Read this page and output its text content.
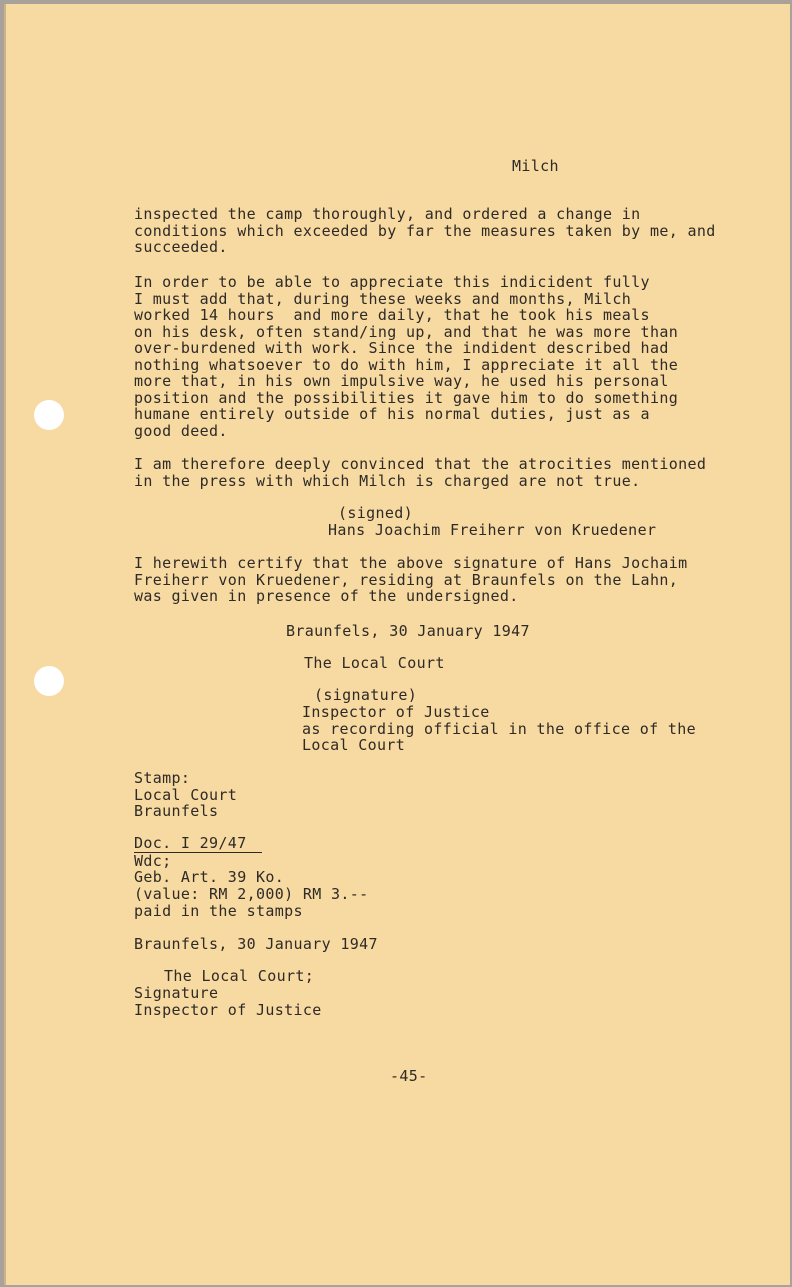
Milch
inspected the camp thoroughly, and ordered a change in
conditions which exceeded by far the measures taken by me, and
succeeded.
In order to be able to appreciate this indicident fully
I must add that, during these weeks and months, Milch
worked 14 hours  and more daily, that he took his meals
on his desk, often stand/ing up, and that he was more than
over-burdened with work. Since the indident described had
nothing whatsoever to do with him, I appreciate it all the
more that, in his own impulsive way, he used his personal
position and the possibilities it gave him to do something
humane entirely outside of his normal duties, just as a
good deed.
I am therefore deeply convinced that the atrocities mentioned
in the press with which Milch is charged are not true.
(signed)
Hans Joachim Freiherr von Kruedener
I herewith certify that the above signature of Hans Jochaim
Freiherr von Kruedener, residing at Braunfels on the Lahn,
was given in presence of the undersigned.
Braunfels, 30 January 1947
The Local Court
(signature)
Inspector of Justice
as recording official in the office of the
Local Court
Stamp:
Local Court
Braunfels
Doc. I 29/47
Wdc;
Geb. Art. 39 Ko.
(value: RM 2,000) RM 3.--
paid in the stamps
Braunfels, 30 January 1947
The Local Court;
Signature
Inspector of Justice
-45-
